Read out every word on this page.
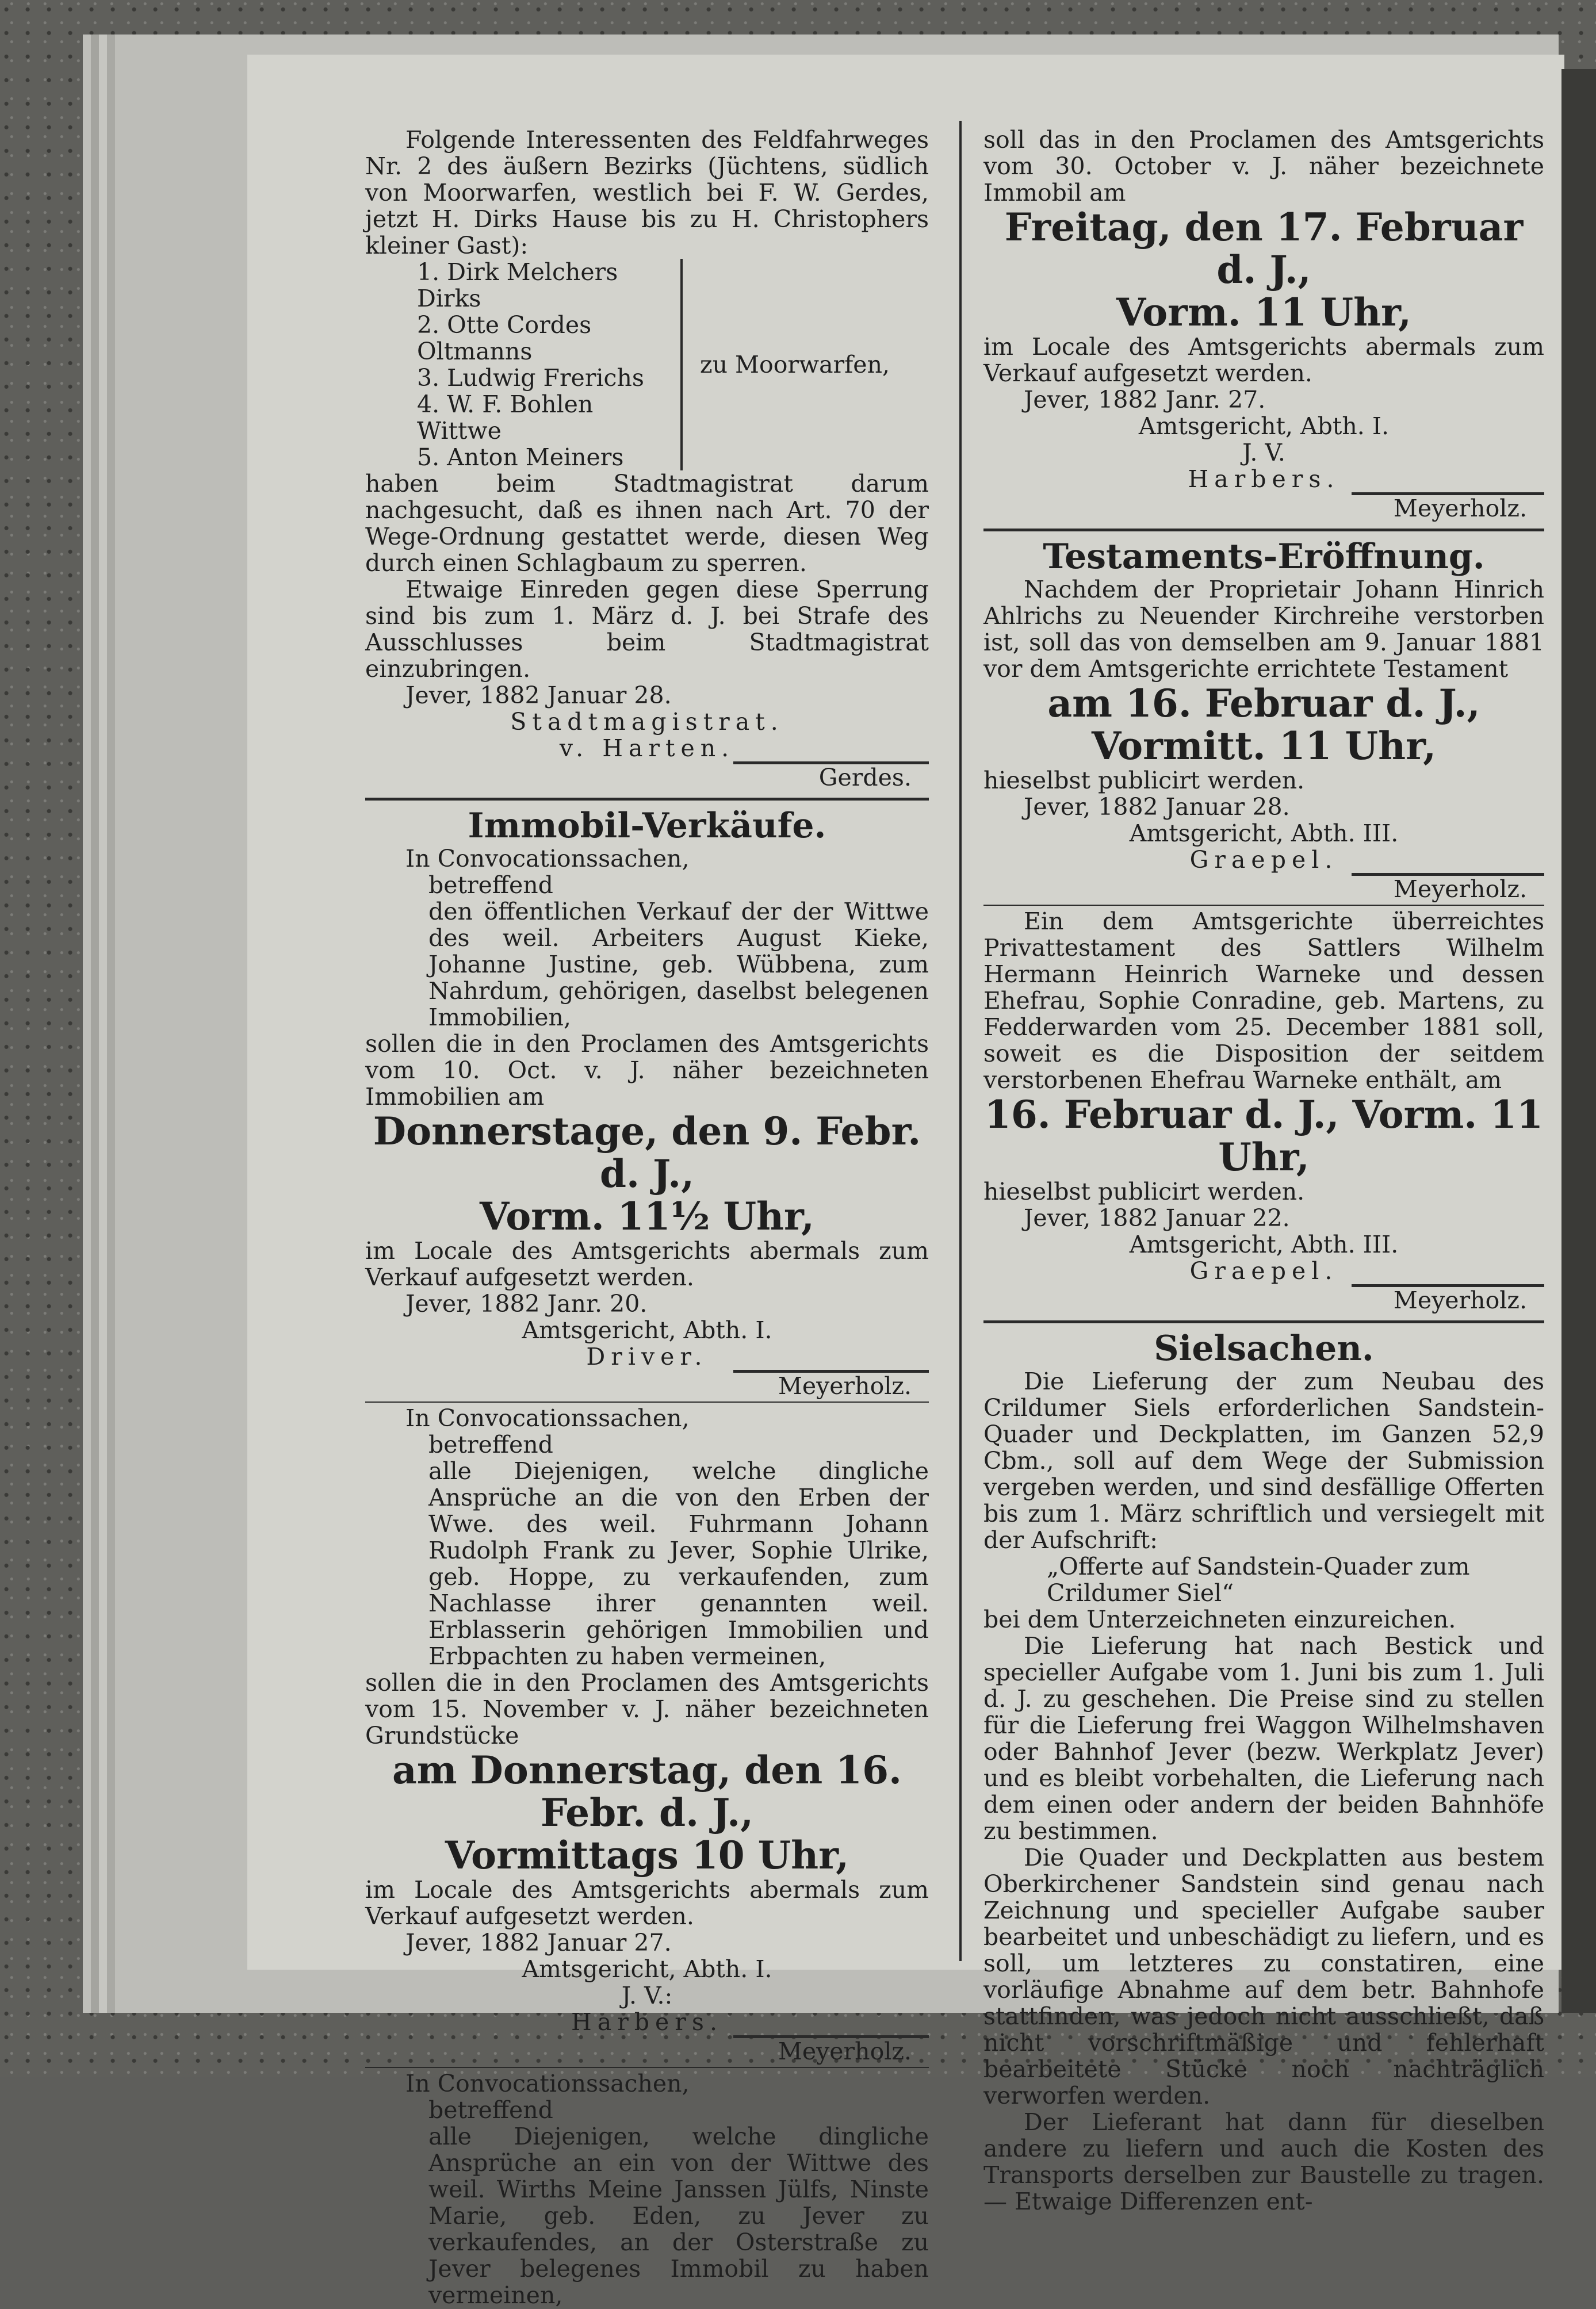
Folgende Interessenten des Feldfahrweges Nr. 2 des äußern Bezirks (Jüchtens, südlich von Moorwarfen, westlich bei F. W. Gerdes, jetzt H. Dirks Hause bis zu H. Christophers kleiner Gast):

1. Dirk Melchers Dirks

2. Otte Cordes Oltmanns

3. Ludwig Frerichs

4. W. F. Bohlen Wittwe

5. Anton Meiners

zu Moorwarfen,

haben beim Stadtmagistrat darum nachgesucht, daß es ihnen nach Art. 70 der Wege-Ordnung gestattet werde, diesen Weg durch einen Schlagbaum zu sperren.

Etwaige Einreden gegen diese Sperrung sind bis zum 1. März d. J. bei Strafe des Ausschlusses beim Stadtmagistrat einzubringen.

Jever, 1882 Januar 28.

Stadtmagistrat.

v. Harten.

Gerdes.

Immobil-Verkäufe.

In Convocationssachen,

betreffend

den öffentlichen Verkauf der der Wittwe des weil. Arbeiters August Kieke, Johanne Justine, geb. Wübbena, zum Nahrdum, gehörigen, daselbst belegenen Immobilien,

sollen die in den Proclamen des Amtsgerichts vom 10. Oct. v. J. näher bezeichneten Immobilien am

Donnerstage, den 9. Febr. d. J.,

Vorm. 11½ Uhr,

im Locale des Amtsgerichts abermals zum Verkauf aufgesetzt werden.

Jever, 1882 Janr. 20.

Amtsgericht, Abth. I.

Driver.

Meyerholz.

In Convocationssachen,

betreffend

alle Diejenigen, welche dingliche Ansprüche an die von den Erben der Wwe. des weil. Fuhrmann Johann Rudolph Frank zu Jever, Sophie Ulrike, geb. Hoppe, zu verkaufenden, zum Nachlasse ihrer genannten weil. Erblasserin gehörigen Immobilien und Erbpachten zu haben vermeinen,

sollen die in den Proclamen des Amtsgerichts vom 15. November v. J. näher bezeichneten Grundstücke

am Donnerstag, den 16. Febr. d. J.,

Vormittags 10 Uhr,

im Locale des Amtsgerichts abermals zum Verkauf aufgesetzt werden.

Jever, 1882 Januar 27.

Amtsgericht, Abth. I.

J. V.:

Harbers.

Meyerholz.

In Convocationssachen,

betreffend

alle Diejenigen, welche dingliche Ansprüche an ein von der Wittwe des weil. Wirths Meine Janssen Jülfs, Ninste Marie, geb. Eden, zu Jever zu verkaufendes, an der Osterstraße zu Jever belegenes Immobil zu haben vermeinen,

soll das in den Proclamen des Amtsgerichts vom 30. October v. J. näher bezeichnete Immobil am

Freitag, den 17. Februar d. J.,

Vorm. 11 Uhr,

im Locale des Amtsgerichts abermals zum Verkauf aufgesetzt werden.

Jever, 1882 Janr. 27.

Amtsgericht, Abth. I.

J. V.

Harbers.

Meyerholz.

Testaments-Eröffnung.

Nachdem der Proprietair Johann Hinrich Ahlrichs zu Neuender Kirchreihe verstorben ist, soll das von demselben am 9. Januar 1881 vor dem Amtsgerichte errichtete Testament

am 16. Februar d. J.,

Vormitt. 11 Uhr,

hieselbst publicirt werden.

Jever, 1882 Januar 28.

Amtsgericht, Abth. III.

Graepel.

Meyerholz.

Ein dem Amtsgerichte überreichtes Privattestament des Sattlers Wilhelm Hermann Heinrich Warneke und dessen Ehefrau, Sophie Conradine, geb. Martens, zu Fedderwarden vom 25. December 1881 soll, soweit es die Disposition der seitdem verstorbenen Ehefrau Warneke enthält, am

16. Februar d. J., Vorm. 11 Uhr,

hieselbst publicirt werden.

Jever, 1882 Januar 22.

Amtsgericht, Abth. III.

Graepel.

Meyerholz.

Sielsachen.

Die Lieferung der zum Neubau des Crildumer Siels erforderlichen Sandstein-Quader und Deckplatten, im Ganzen 52,9 Cbm., soll auf dem Wege der Submission vergeben werden, und sind desfällige Offerten bis zum 1. März schriftlich und versiegelt mit der Aufschrift:

„Offerte auf Sandstein-Quader zum Crildumer Siel“

bei dem Unterzeichneten einzureichen.

Die Lieferung hat nach Bestick und specieller Aufgabe vom 1. Juni bis zum 1. Juli d. J. zu geschehen. Die Preise sind zu stellen für die Lieferung frei Waggon Wilhelmshaven oder Bahnhof Jever (bezw. Werkplatz Jever) und es bleibt vorbehalten, die Lieferung nach dem einen oder andern der beiden Bahnhöfe zu bestimmen.

Die Quader und Deckplatten aus bestem Oberkirchener Sandstein sind genau nach Zeichnung und specieller Aufgabe sauber bearbeitet und unbeschädigt zu liefern, und es soll, um letzteres zu constatiren, eine vorläufige Abnahme auf dem betr. Bahnhofe stattfinden, was jedoch nicht ausschließt, daß nicht vorschriftmäßige und fehlerhaft bearbeitete Stücke noch nachträglich verworfen werden.

Der Lieferant hat dann für dieselben andere zu liefern und auch die Kosten des Transports derselben zur Baustelle zu tragen. — Etwaige Differenzen ent-
